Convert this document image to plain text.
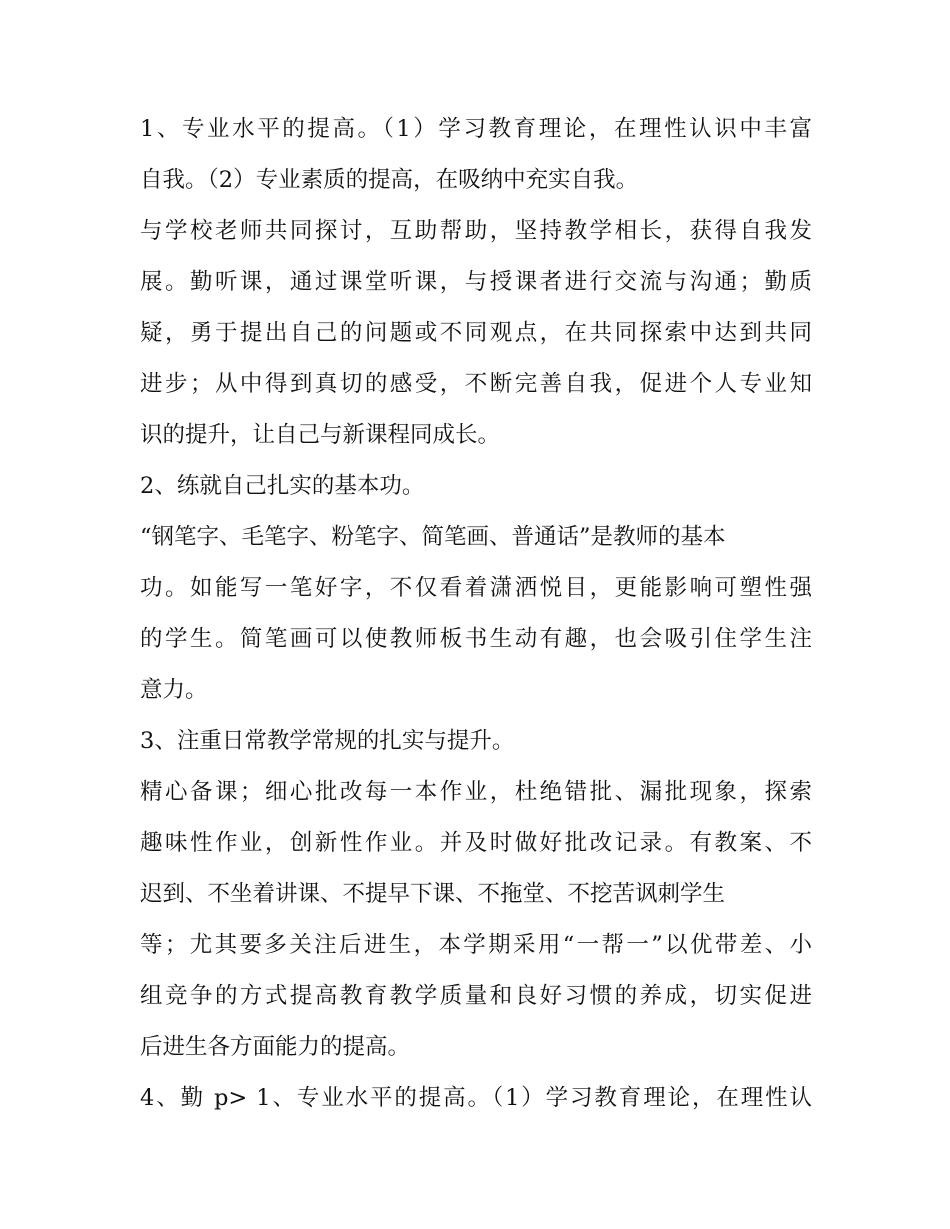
1、专业水平的提高。（1）学习教育理论，在理性认识中丰富
自我。（2）专业素质的提高，在吸纳中充实自我。
与学校老师共同探讨，互助帮助，坚持教学相长，获得自我发
展。勤听课，通过课堂听课，与授课者进行交流与沟通；勤质
疑，勇于提出自己的问题或不同观点，在共同探索中达到共同
进步；从中得到真切的感受，不断完善自我，促进个人专业知
识的提升，让自己与新课程同成长。
2、练就自己扎实的基本功。
“钢笔字、毛笔字、粉笔字、简笔画、普通话”是教师的基本
功。如能写一笔好字，不仅看着潇洒悦目，更能影响可塑性强
的学生。简笔画可以使教师板书生动有趣，也会吸引住学生注
意力。
3、注重日常教学常规的扎实与提升。
精心备课；细心批改每一本作业，杜绝错批、漏批现象，探索
趣味性作业，创新性作业。并及时做好批改记录。有教案、不
迟到、不坐着讲课、不提早下课、不拖堂、不挖苦讽刺学生
等；尤其要多关注后进生，本学期采用“一帮一”以优带差、小
组竞争的方式提高教育教学质量和良好习惯的养成，切实促进
后进生各方面能力的提高。
4、勤 p> 1、专业水平的提高。（1）学习教育理论，在理性认
